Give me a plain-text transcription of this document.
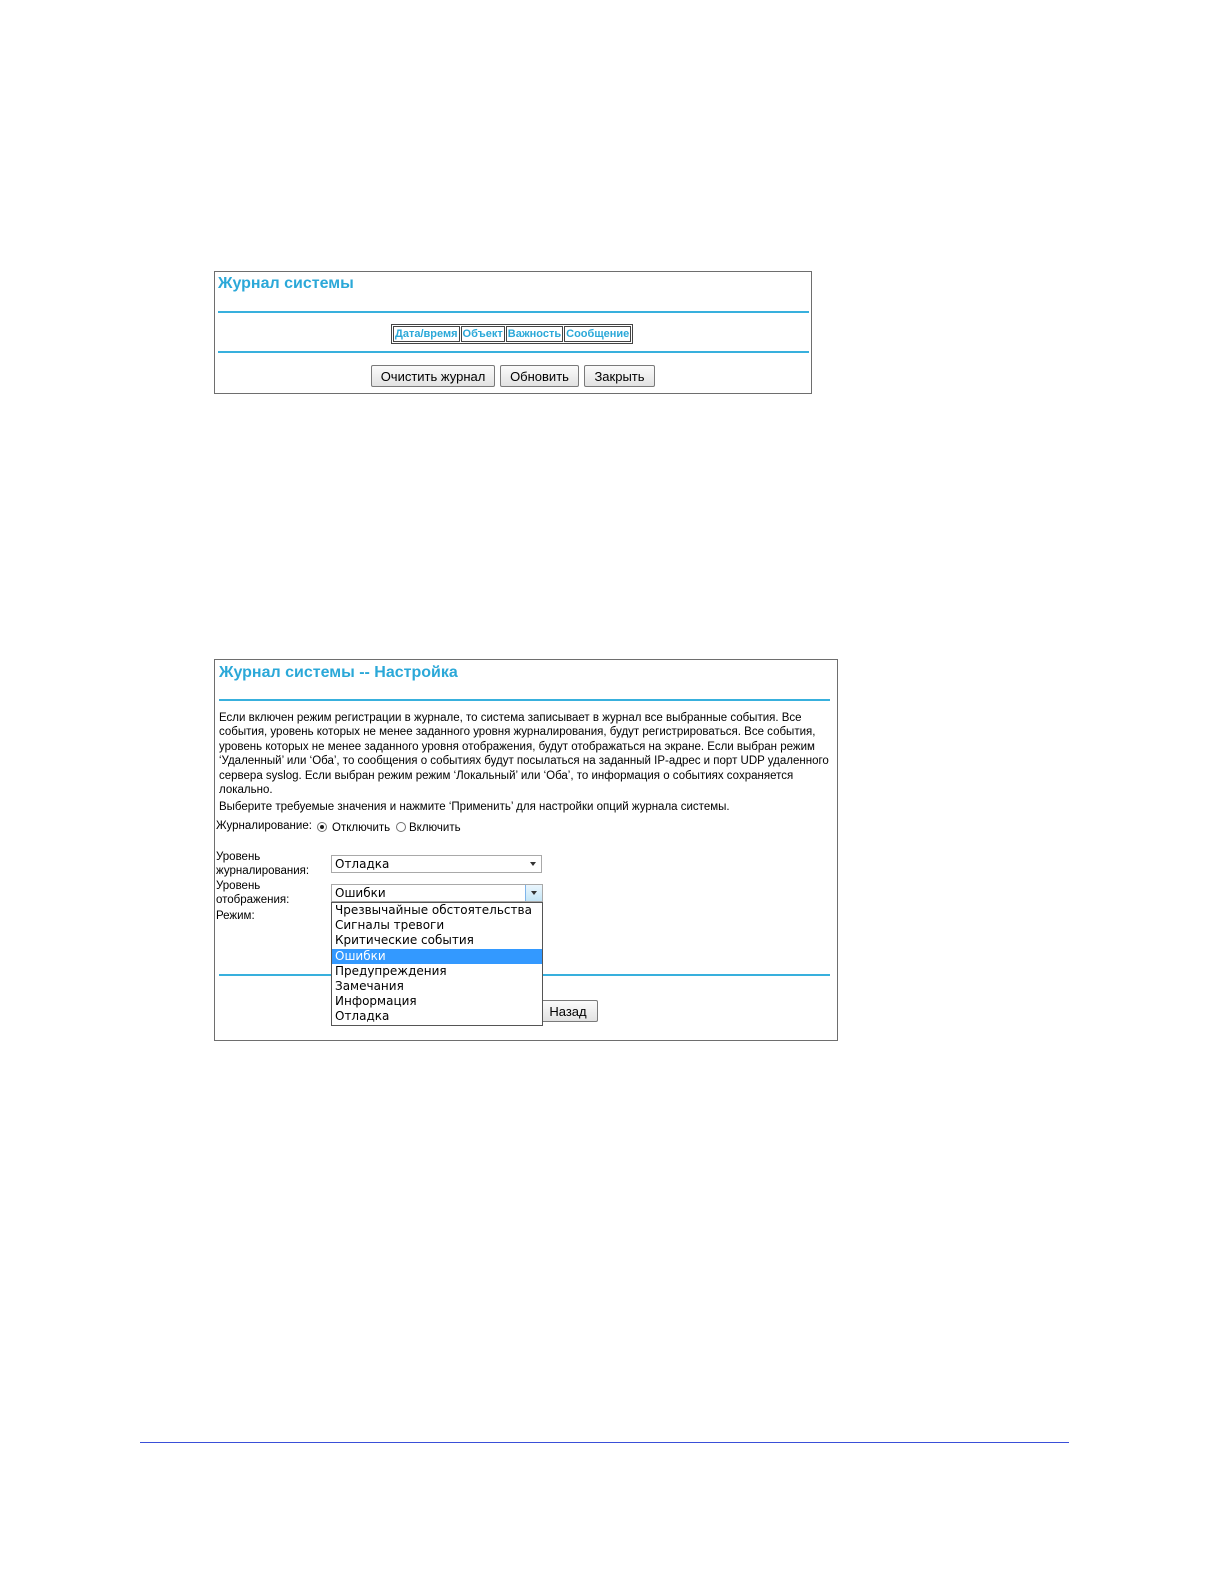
Журнал системы
Дата/время	Объект	Важность	Сообщение
Очистить журнал	Обновить	Закрыть
Журнал системы -- Настройка
Если включен режим регистрации в журнале, то система записывает в журнал все выбранные события. Все
события, уровень которых не менее заданного уровня журналирования, будут регистрироваться. Все события,
уровень которых не менее заданного уровня отображения, будут отображаться на экране. Если выбран режим
‘Удаленный’ или ‘Оба’, то сообщения о событиях будут посылаться на заданный IP-адрес и порт UDP удаленного
сервера syslog. Если выбран режим режим ‘Локальный’ или ‘Оба’, то информация о событиях сохраняется
локально.
Выберите требуемые значения и нажмите ‘Применить’ для настройки опций журнала системы.
Журналирование: Отключить Включить
Уровень
журналирования:	Отладка
Уровень
отображения:	Ошибки
Режим:
Назад
Чрезвычайные обстоятельства
Сигналы тревоги
Критические события
Ошибки
Предупреждения
Замечания
Информация
Отладка
